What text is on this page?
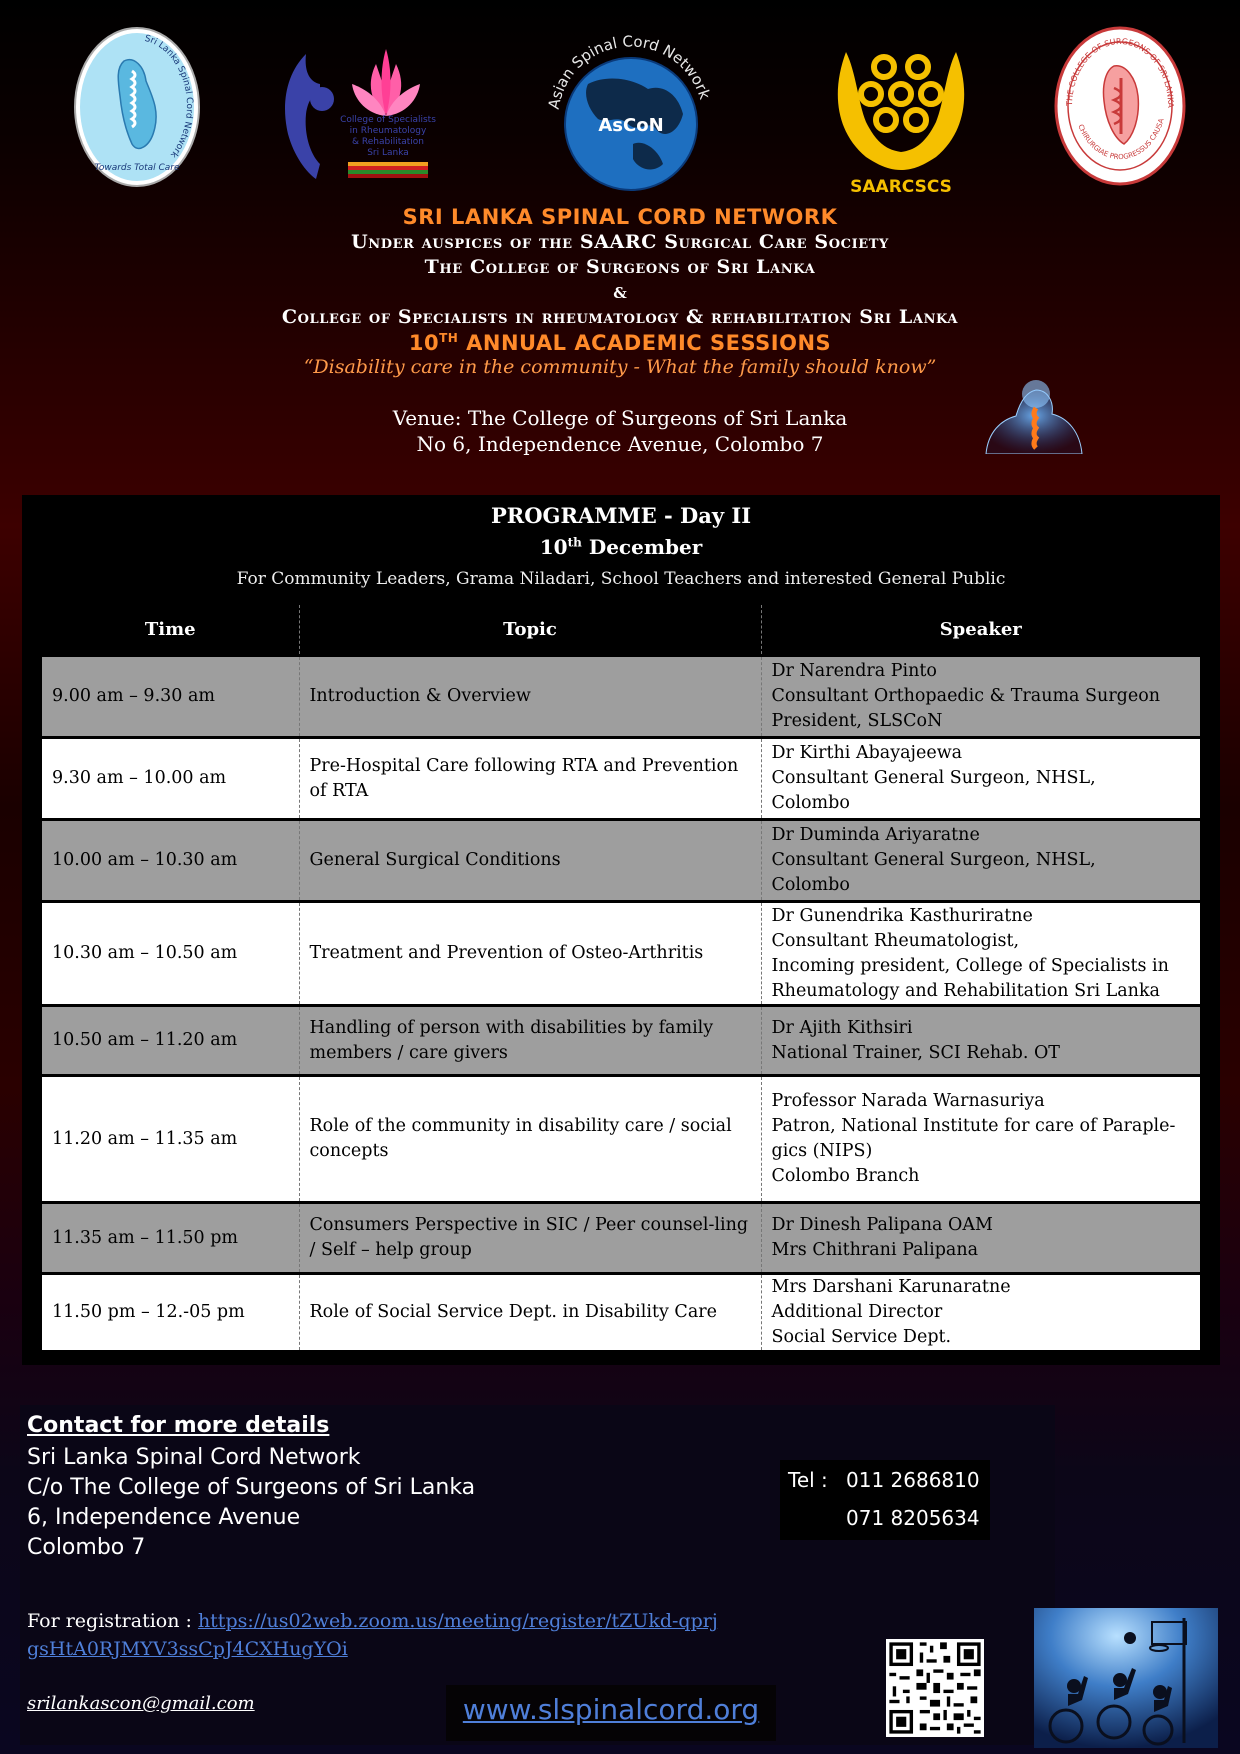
Sri Lanka Spinal Cord Network
Towards Total Care
College of Specialists
in Rheumatology
& Rehabilitation
Sri Lanka
Asian Spinal Cord Network
AsCoN
SAARCSCS
THE COLLEGE OF SURGEONS OF SRI LANKA
CHIRURGIAE PROGRESSUS CAUSA
SRI LANKA SPINAL CORD NETWORK
Under auspices of the SAARC Surgical Care Society
The College of Surgeons of Sri Lanka
&
College of Specialists in rheumatology & rehabilitation Sri Lanka
10TH ANNUAL ACADEMIC SESSIONS
“Disability care in the community - What the family should know”
Venue: The College of Surgeons of Sri Lanka
No 6, Independence Avenue, Colombo 7
PROGRAMME - Day II
10th December
For Community Leaders, Grama Niladari, School Teachers and interested General Public
Time	Topic	Speaker
9.00 am – 9.30 am	Introduction & Overview	Dr Narendra Pinto
Consultant Orthopaedic & Trauma Surgeon
President, SLSCoN
9.30 am – 10.00 am	Pre-Hospital Care following RTA and Prevention of RTA	Dr Kirthi Abayajeewa
Consultant General Surgeon, NHSL,
Colombo
10.00 am – 10.30 am	General Surgical Conditions	Dr Duminda Ariyaratne
Consultant General Surgeon, NHSL,
Colombo
10.30 am – 10.50 am	Treatment and Prevention of Osteo-Arthritis	Dr Gunendrika Kasthuriratne
Consultant Rheumatologist,
Incoming president, College of Specialists in
Rheumatology and Rehabilitation Sri Lanka
10.50 am – 11.20 am	Handling of person with disabilities by family members / care givers	Dr Ajith Kithsiri
National Trainer, SCI Rehab. OT
11.20 am – 11.35 am	Role of the community in disability care / social concepts	Professor Narada Warnasuriya
Patron, National Institute for care of Paraple-
gics (NIPS)
Colombo Branch
11.35 am – 11.50 pm	Consumers Perspective in SIC / Peer counsel-ling / Self – help group	Dr Dinesh Palipana OAM
Mrs Chithrani Palipana
11.50 pm – 12.-05 pm	Role of Social Service Dept. in Disability Care	Mrs Darshani Karunaratne
Additional Director
Social Service Dept.
Contact for more details
Sri Lanka Spinal Cord Network
C/o The College of Surgeons of Sri Lanka
6, Independence Avenue
Colombo 7
Tel : 011 2686810
071 8205634
For registration : https://us02web.zoom.us/meeting/register/tZUkd-qprjgsHtA0RJMYV3ssCpJ4CXHugYOi
srilankascon@gmail.com	www.slspinalcord.org
